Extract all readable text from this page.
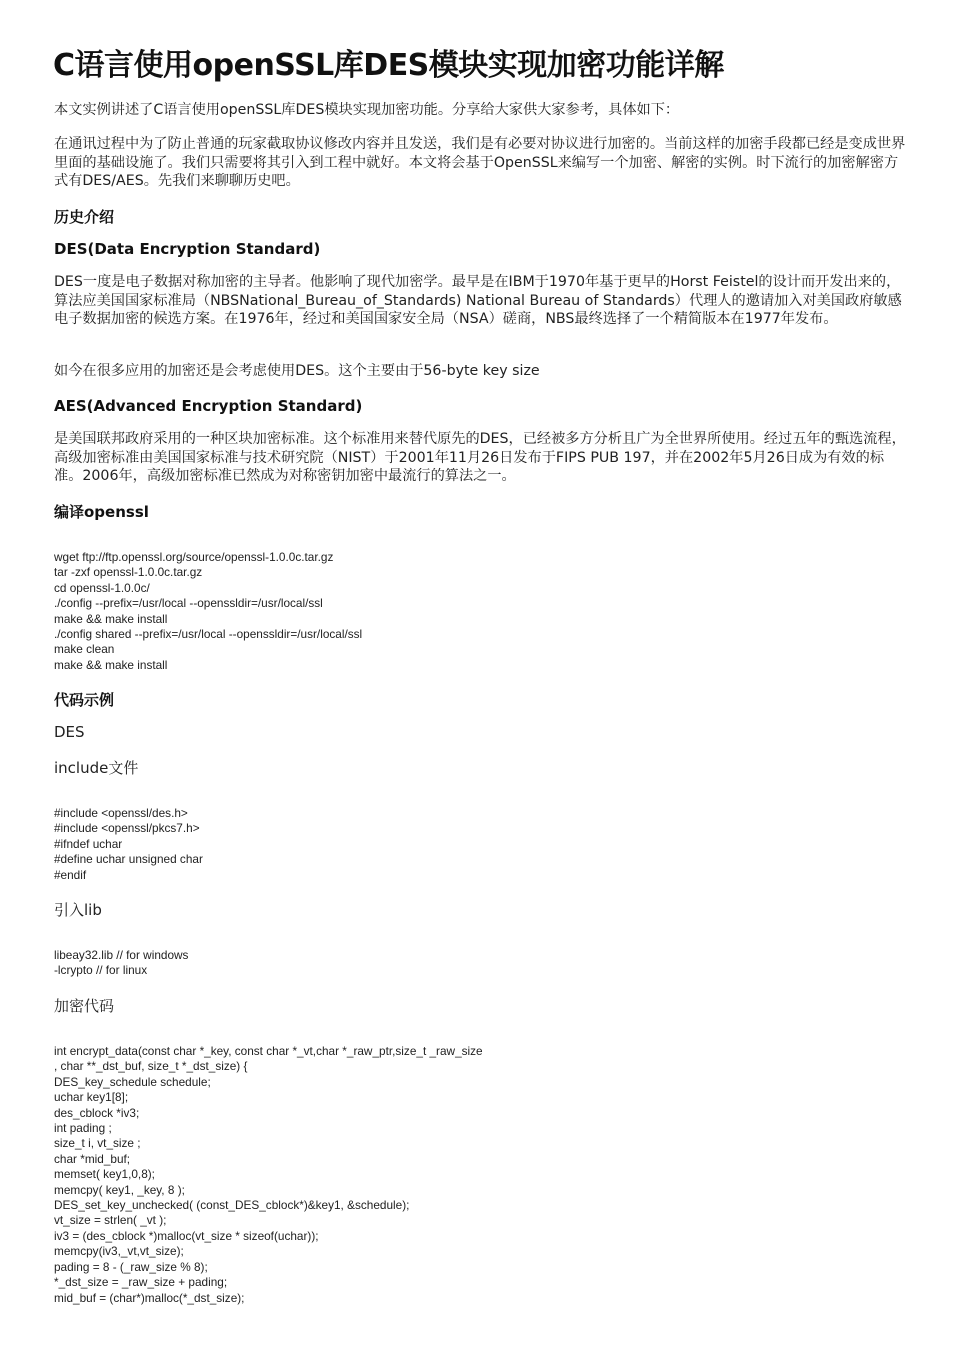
C语言使用openSSL库DES模块实现加密功能详解

本文实例讲述了C语言使用openSSL库DES模块实现加密功能。分享给大家供大家参考，具体如下：

在通讯过程中为了防止普通的玩家截取协议修改内容并且发送，我们是有必要对协议进行加密的。当前这样的加密手段都已经是变成世界里面的基础设施了。我们只需要将其引入到工程中就好。本文将会基于OpenSSL来编写一个加密、解密的实例。时下流行的加密解密方式有DES/AES。先我们来聊聊历史吧。

历史介绍
DES(Data Encryption Standard)

DES一度是电子数据对称加密的主导者。他影响了现代加密学。最早是在IBM于1970年基于更早的Horst Feistel的设计而开发出来的，算法应美国国家标准局（NBSNational_Bureau_of_Standards) National Bureau of Standards）代理人的邀请加入对美国政府敏感电子数据加密的候选方案。在1976年，经过和美国国家安全局（NSA）磋商，NBS最终选择了一个精简版本在1977年发布。

如今在很多应用的加密还是会考虑使用DES。这个主要由于56-byte key size

AES(Advanced Encryption Standard)

是美国联邦政府采用的一种区块加密标准。这个标准用来替代原先的DES，已经被多方分析且广为全世界所使用。经过五年的甄选流程，高级加密标准由美国国家标准与技术研究院（NIST）于2001年11月26日发布于FIPS PUB 197，并在2002年5月26日成为有效的标准。2006年，高级加密标准已然成为对称密钥加密中最流行的算法之一。

编译openssl
wget ftp://ftp.openssl.org/source/openssl-1.0.0c.tar.gz
tar -zxf openssl-1.0.0c.tar.gz
cd openssl-1.0.0c/
./config --prefix=/usr/local --openssldir=/usr/local/ssl
make && make install
./config shared --prefix=/usr/local --openssldir=/usr/local/ssl
make clean
make && make install
代码示例
DES
include文件
#include <openssl/des.h>
#include <openssl/pkcs7.h>
#ifndef uchar
#define uchar unsigned char
#endif
引入lib
libeay32.lib // for windows
-lcrypto // for linux
加密代码
int encrypt_data(const char *_key, const char *_vt,char *_raw_ptr,size_t _raw_size
, char **_dst_buf, size_t *_dst_size) {
DES_key_schedule schedule;
uchar key1[8];
des_cblock *iv3;
int pading ;
size_t i, vt_size ;
char *mid_buf;
memset( key1,0,8);
memcpy( key1, _key, 8 );
DES_set_key_unchecked( (const_DES_cblock*)&key1, &schedule);
vt_size = strlen( _vt );
iv3 = (des_cblock *)malloc(vt_size * sizeof(uchar));
memcpy(iv3,_vt,vt_size);
pading = 8 - (_raw_size % 8);
*_dst_size = _raw_size + pading;
mid_buf = (char*)malloc(*_dst_size);
